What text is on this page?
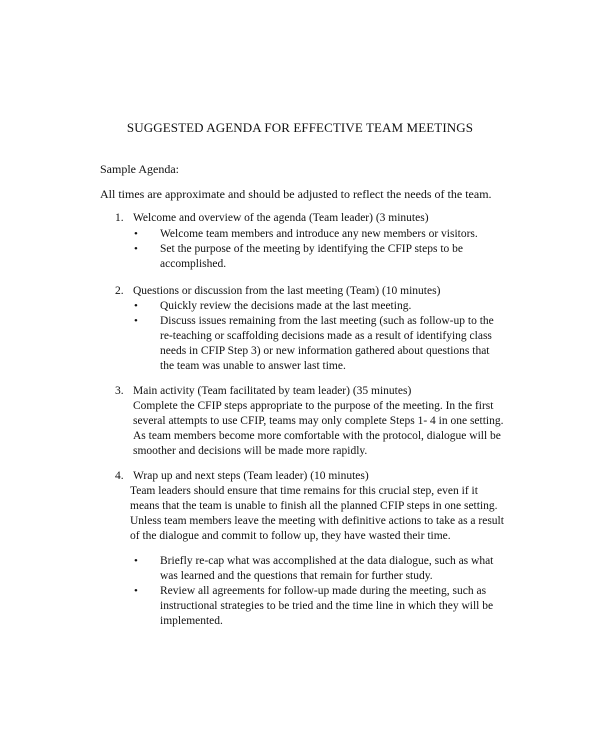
SUGGESTED AGENDA FOR EFFECTIVE TEAM MEETINGS
Sample Agenda:
All times are approximate and should be adjusted to reflect the needs of the team.
1. Welcome and overview of the agenda (Team leader) (3 minutes)
• Welcome team members and introduce any new members or visitors.
• Set the purpose of the meeting by identifying the CFIP steps to be
accomplished.
2. Questions or discussion from the last meeting (Team) (10 minutes)
• Quickly review the decisions made at the last meeting.
• Discuss issues remaining from the last meeting (such as follow-up to the
re-teaching or scaffolding decisions made as a result of identifying class
needs in CFIP Step 3) or new information gathered about questions that
the team was unable to answer last time.
3. Main activity (Team facilitated by team leader) (35 minutes)
Complete the CFIP steps appropriate to the purpose of the meeting. In the first
several attempts to use CFIP, teams may only complete Steps 1- 4 in one setting.
As team members become more comfortable with the protocol, dialogue will be
smoother and decisions will be made more rapidly.
4. Wrap up and next steps (Team leader) (10 minutes)
Team leaders should ensure that time remains for this crucial step, even if it
means that the team is unable to finish all the planned CFIP steps in one setting.
Unless team members leave the meeting with definitive actions to take as a result
of the dialogue and commit to follow up, they have wasted their time.
• Briefly re-cap what was accomplished at the data dialogue, such as what
was learned and the questions that remain for further study.
• Review all agreements for follow-up made during the meeting, such as
instructional strategies to be tried and the time line in which they will be
implemented.
